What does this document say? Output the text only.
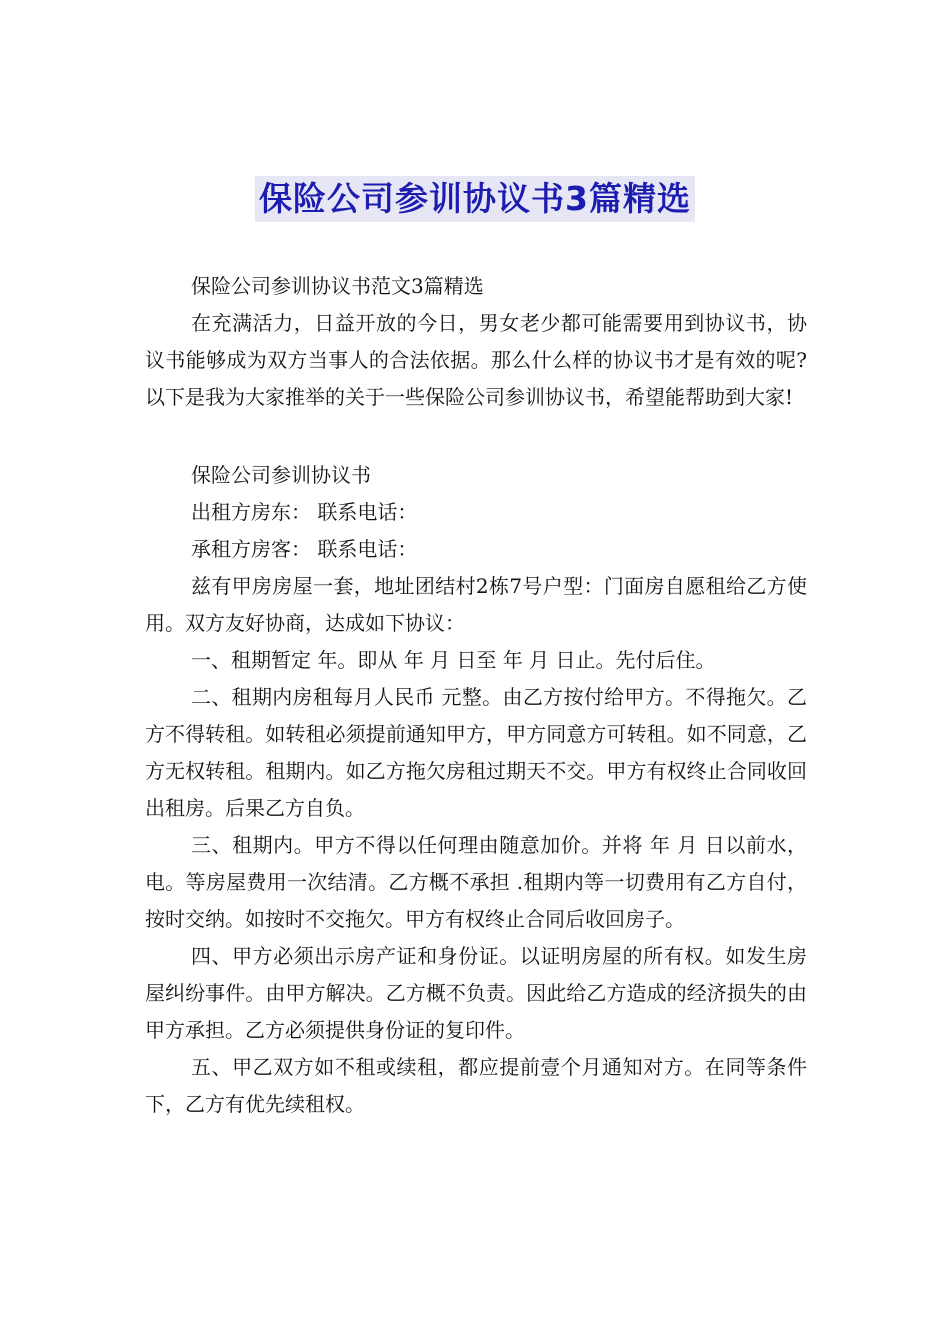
保险公司参训协议书3篇精选

保险公司参训协议书范文3篇精选

在充满活力，日益开放的今日，男女老少都可能需要用到协议书，协议书能够成为双方当事人的合法依据。那么什么样的协议书才是有效的呢?以下是我为大家推举的关于一些保险公司参训协议书，希望能帮助到大家!

保险公司参训协议书

出租方房东： 联系电话：

承租方房客： 联系电话：

兹有甲房房屋一套，地址团结村2栋7号户型：门面房自愿租给乙方使用。双方友好协商，达成如下协议：

一、租期暂定 年。即从 年 月 日至 年 月 日止。先付后住。

二、租期内房租每月人民币 元整。由乙方按付给甲方。不得拖欠。乙方不得转租。如转租必须提前通知甲方，甲方同意方可转租。如不同意，乙方无权转租。租期内。如乙方拖欠房租过期天不交。甲方有权终止合同收回出租房。后果乙方自负。

三、租期内。甲方不得以任何理由随意加价。并将 年 月 日以前水，电。等房屋费用一次结清。乙方概不承担 .租期内等一切费用有乙方自付，按时交纳。如按时不交拖欠。甲方有权终止合同后收回房子。

四、甲方必须出示房产证和身份证。以证明房屋的所有权。如发生房屋纠纷事件。由甲方解决。乙方概不负责。因此给乙方造成的经济损失的由甲方承担。乙方必须提供身份证的复印件。

五、甲乙双方如不租或续租，都应提前壹个月通知对方。在同等条件下，乙方有优先续租权。
